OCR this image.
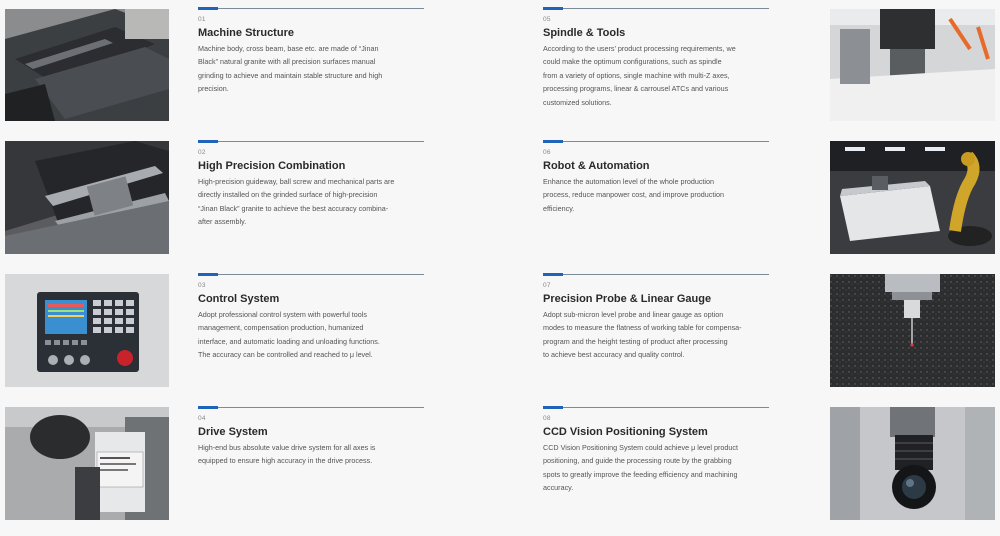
01
Machine Structure
Machine body, cross beam, base etc. are made of “Jinan
Black” natural granite with all precision surfaces manual
grinding to achieve and maintain stable structure and high
precision.
02
High Precision Combination
High-precision guideway, ball screw and mechanical parts are
directly installed on the grinded surface of high-precision
“Jinan Black” granite to achieve the best accuracy combina-
after assembly.
03
Control System
Adopt professional control system with powerful tools
management, compensation production, humanized
interface, and automatic loading and unloading functions.
The accuracy can be controlled and reached to μ level.
04
Drive System
High-end bus absolute value drive system for all axes is
equipped to ensure high accuracy in the drive process.
05
Spindle & Tools
According to the users’ product processing requirements, we
could make the optimum configurations, such as spindle
from a variety of options, single machine with multi-Z axes,
processing programs, linear & carrousel ATCs and various
customized solutions.
06
Robot & Automation
Enhance the automation level of the whole production
process, reduce manpower cost, and improve production
efficiency.
07
Precision Probe & Linear Gauge
Adopt sub-micron level probe and linear gauge as option
modes to measure the flatness of working table for compensa-
program and the height testing of product after processing
to achieve best accuracy and quality control.
08
CCD Vision Positioning System
CCD Vision Positioning System could achieve μ level product
positioning, and guide the processing route by the grabbing
spots to greatly improve the feeding efficiency and machining
accuracy.
